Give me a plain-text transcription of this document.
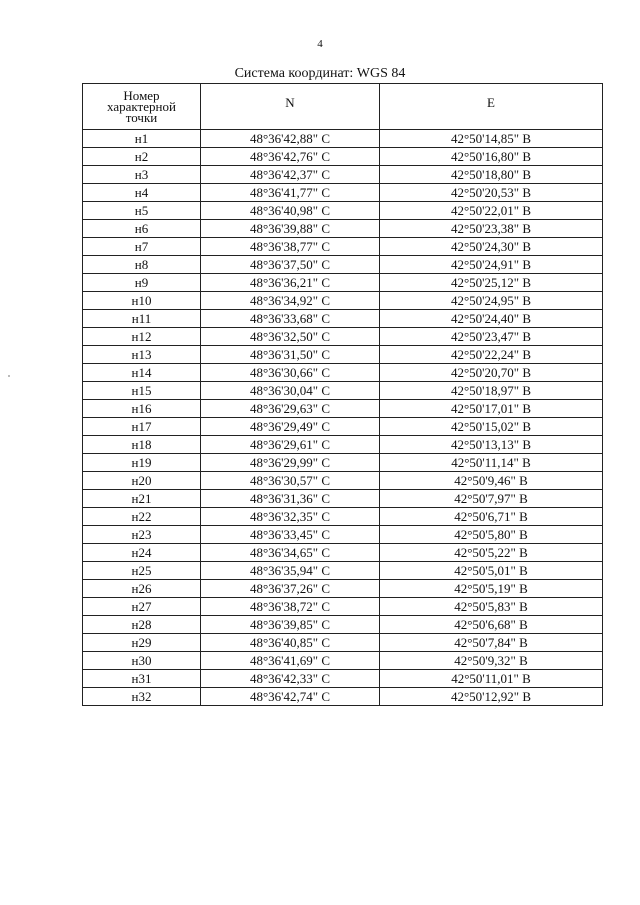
4
Система координат: WGS 84
Номер
характерной
точки	N	E
н1	48°36'42,88" С	42°50'14,85" В
н2	48°36'42,76" С	42°50'16,80" В
н3	48°36'42,37" С	42°50'18,80" В
н4	48°36'41,77" С	42°50'20,53" В
н5	48°36'40,98" С	42°50'22,01" В
н6	48°36'39,88" С	42°50'23,38" В
н7	48°36'38,77" С	42°50'24,30" В
н8	48°36'37,50" С	42°50'24,91" В
н9	48°36'36,21" С	42°50'25,12" В
н10	48°36'34,92" С	42°50'24,95" В
н11	48°36'33,68" С	42°50'24,40" В
н12	48°36'32,50" С	42°50'23,47" В
н13	48°36'31,50" С	42°50'22,24" В
н14	48°36'30,66" С	42°50'20,70" В
н15	48°36'30,04" С	42°50'18,97" В
н16	48°36'29,63" С	42°50'17,01" В
н17	48°36'29,49" С	42°50'15,02" В
н18	48°36'29,61" С	42°50'13,13" В
н19	48°36'29,99" С	42°50'11,14" В
н20	48°36'30,57" С	42°50'9,46" В
н21	48°36'31,36" С	42°50'7,97" В
н22	48°36'32,35" С	42°50'6,71" В
н23	48°36'33,45" С	42°50'5,80" В
н24	48°36'34,65" С	42°50'5,22" В
н25	48°36'35,94" С	42°50'5,01" В
н26	48°36'37,26" С	42°50'5,19" В
н27	48°36'38,72" С	42°50'5,83" В
н28	48°36'39,85" С	42°50'6,68" В
н29	48°36'40,85" С	42°50'7,84" В
н30	48°36'41,69" С	42°50'9,32" В
н31	48°36'42,33" С	42°50'11,01" В
н32	48°36'42,74" С	42°50'12,92" В
